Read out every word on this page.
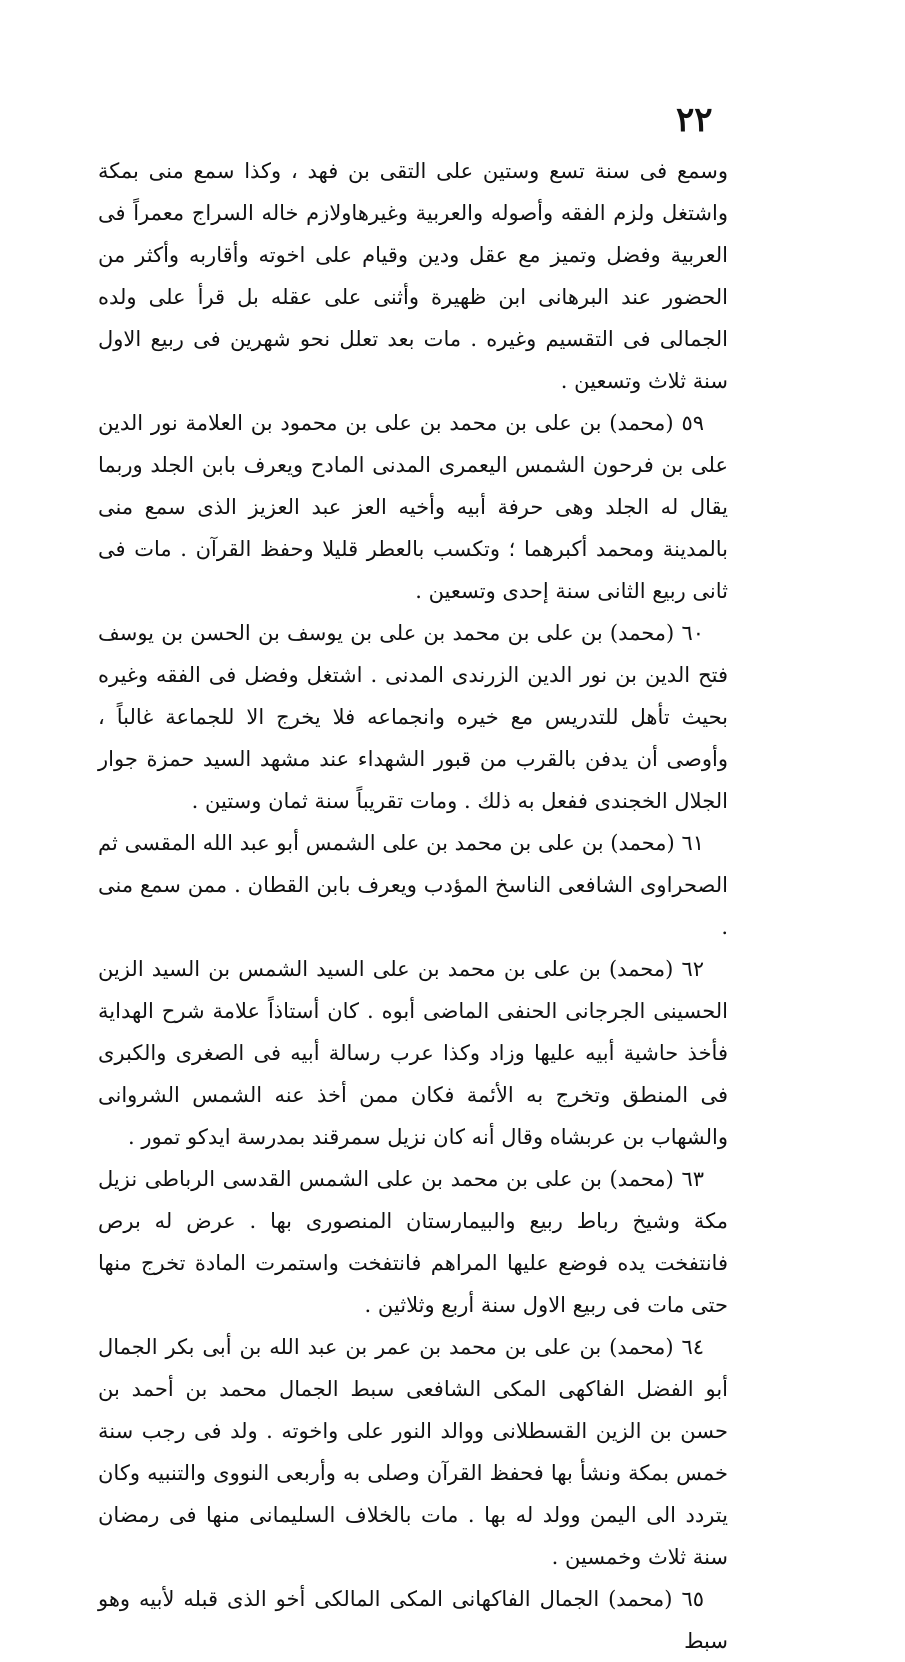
٢٢

وسمع فى سنة تسع وستين على التقى بن فهد ، وكذا سمع منى بمكة واشتغل ولزم الفقه وأصوله والعربية وغيرهاولازم خاله السراج معمراً فى العربية وفضل وتميز مع عقل ودين وقيام على اخوته وأقاربه وأكثر من الحضور عند البرهانى ابن ظهيرة وأثنى على عقله بل قرأ على ولده الجمالى فى التقسيم وغيره . مات بعد تعلل نحو شهرين فى ربيع الاول سنة ثلاث وتسعين .

٥٩ (محمد) بن على بن محمد بن على بن محمود بن العلامة نور الدين على بن فرحون الشمس اليعمرى المدنى المادح ويعرف بابن الجلد وربما يقال له الجلد وهى حرفة أبيه وأخيه العز عبد العزيز الذى سمع منى بالمدينة ومحمد أكبرهما ؛ وتكسب بالعطر قليلا وحفظ القرآن . مات فى ثانى ربيع الثانى سنة إحدى وتسعين .

٦٠ (محمد) بن على بن محمد بن على بن يوسف بن الحسن بن يوسف فتح الدين بن نور الدين الزرندى المدنى . اشتغل وفضل فى الفقه وغيره بحيث تأهل للتدريس مع خيره وانجماعه فلا يخرج الا للجماعة غالباً ، وأوصى أن يدفن بالقرب من قبور الشهداء عند مشهد السيد حمزة جوار الجلال الخجندى ففعل به ذلك . ومات تقريباً سنة ثمان وستين .

٦١ (محمد) بن على بن محمد بن على الشمس أبو عبد الله المقسى ثم الصحراوى الشافعى الناسخ المؤدب ويعرف بابن القطان . ممن سمع منى .

٦٢ (محمد) بن على بن محمد بن على السيد الشمس بن السيد الزين الحسينى الجرجانى الحنفى الماضى أبوه . كان أستاذاً علامة شرح الهداية فأخذ حاشية أبيه عليها وزاد وكذا عرب رسالة أبيه فى الصغرى والكبرى فى المنطق وتخرج به الأئمة فكان ممن أخذ عنه الشمس الشروانى والشهاب بن عربشاه وقال أنه كان نزيل سمرقند بمدرسة ايدكو تمور .

٦٣ (محمد) بن على بن محمد بن على الشمس القدسى الرباطى نزيل مكة وشيخ رباط ربيع والبيمارستان المنصورى بها . عرض له برص فانتفخت يده فوضع عليها المراهم فانتفخت واستمرت المادة تخرج منها حتى مات فى ربيع الاول سنة أربع وثلاثين .

٦٤ (محمد) بن على بن محمد بن عمر بن عبد الله بن أبى بكر الجمال أبو الفضل الفاكهى المكى الشافعى سبط الجمال محمد بن أحمد بن حسن بن الزين القسطلانى ووالد النور على واخوته . ولد فى رجب سنة خمس بمكة ونشأ بها فحفظ القرآن وصلى به وأربعى النووى والتنبيه وكان يتردد الى اليمن وولد له بها . مات بالخلاف السليمانى منها فى رمضان سنة ثلاث وخمسين .

٦٥ (محمد) الجمال الفاكهانى المكى المالكى أخو الذى قبله لأبيه وهو سبط
